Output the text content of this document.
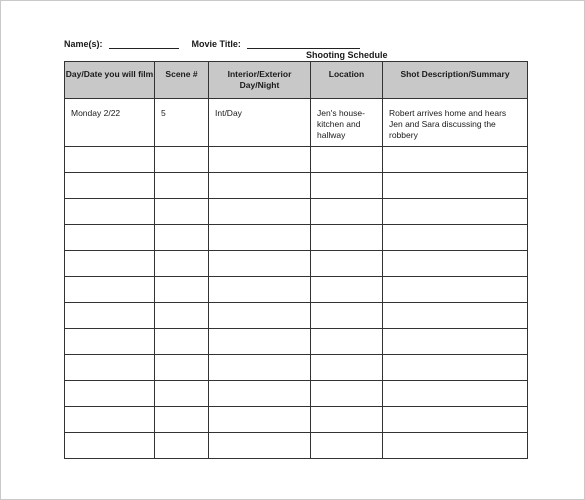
Name(s):	Movie Title:
Shooting Schedule
Day/Date you will film	Scene #	Interior/Exterior Day/Night	Location	Shot Description/Summary
Monday 2/22	5	Int/Day	Jen's house-kitchen and hallway	Robert arrives home and hears Jen and Sara discussing the robbery
